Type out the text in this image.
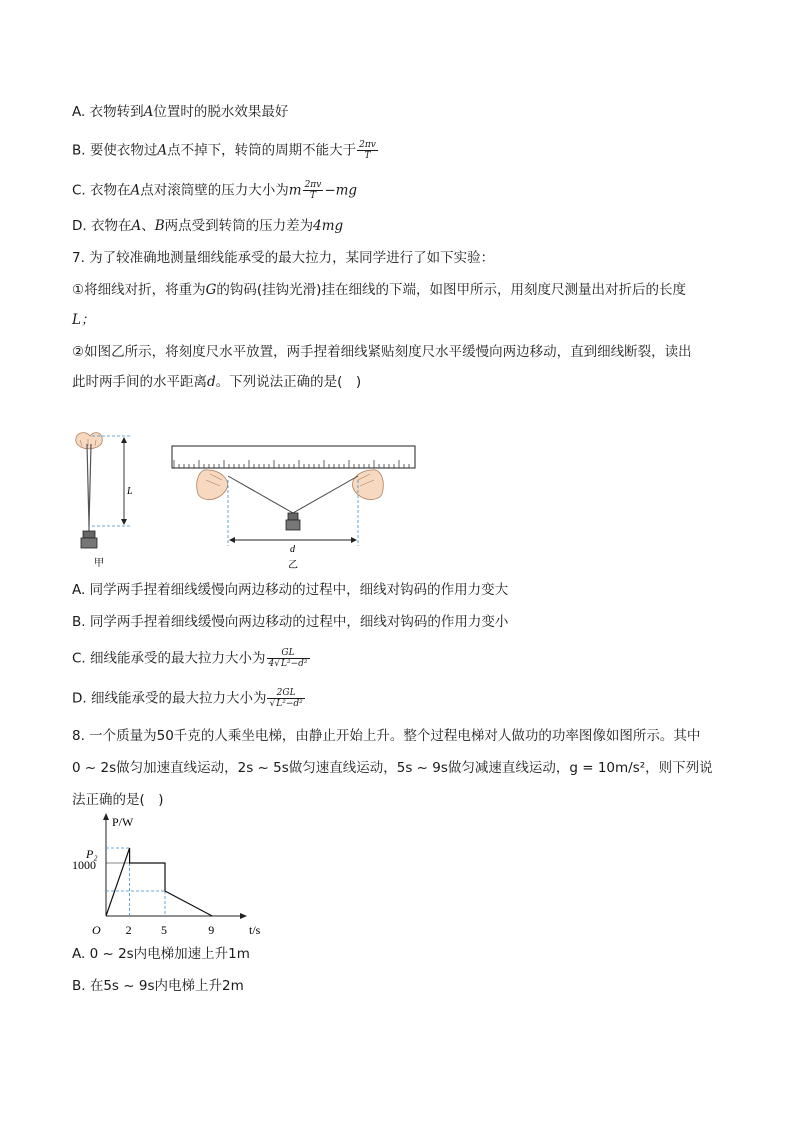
A. 衣物转到A位置时的脱水效果最好
B. 要使衣物过A点不掉下，转筒的周期不能大于 $\frac{2\pi v}{T}$
C. 衣物在A点对滚筒壁的压力大小为m $\frac{2\pi v}{T} -mg$
D. 衣物在A、B两点受到转筒的压力差为4mg
7. 为了较准确地测量细线能承受的最大拉力，某同学进行了如下实验：
①将细线对折，将重为G的钩码(挂钩光滑)挂在细线的下端，如图甲所示，用刻度尺测量出对折后的长度
L；
②如图乙所示，将刻度尺水平放置，两手捏着细线紧贴刻度尺水平缓慢向两边移动，直到细线断裂，读出
此时两手间的水平距离d。下列说法正确的是(　)
L
甲
d
乙
A. 同学两手捏着细线缓慢向两边移动的过程中，细线对钩码的作用力变大
B. 同学两手捏着细线缓慢向两边移动的过程中，细线对钩码的作用力变小
C. 细线能承受的最大拉力大小为 $\frac{GL}{\text{4√L²−d²}}$
D. 细线能承受的最大拉力大小为 $\frac{2GL}{\text{√L²−d²}}$
8. 一个质量为50千克的人乘坐电梯，由静止开始上升。整个过程电梯对人做功的功率图像如图所示。其中
0 ~ 2s做匀加速直线运动，2s ~ 5s做匀速直线运动，5s ~ 9s做匀减速直线运动，g = 10m/s²，则下列说
法正确的是(　)
P/W
t/s
O
P₂
1000
2 5	9
A. 0 ~ 2s内电梯加速上升1m
B. 在5s ~ 9s内电梯上升2m
